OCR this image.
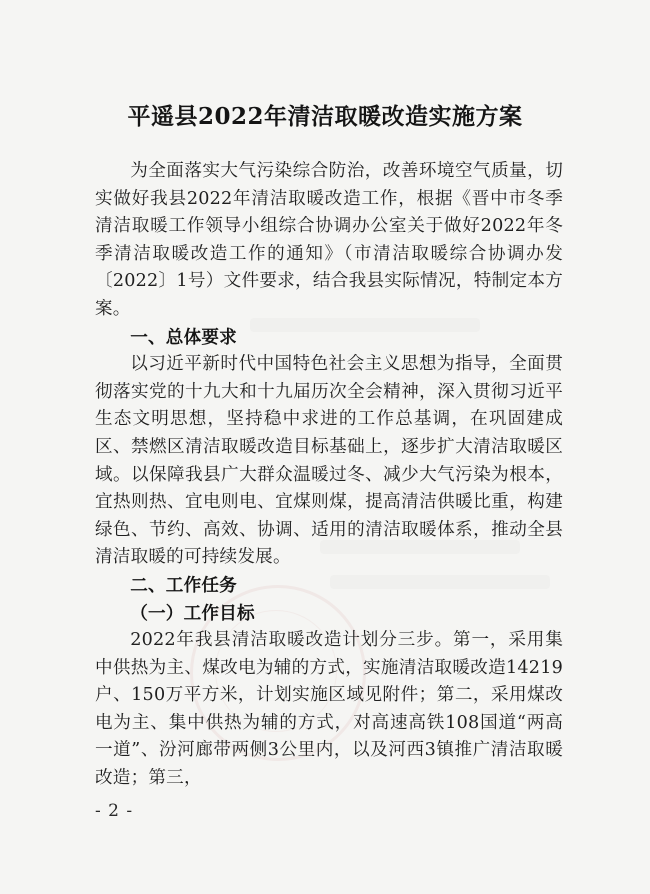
平遥县2022年清洁取暖改造实施方案

为全面落实大气污染综合防治，改善环境空气质量，切实做好我县2022年清洁取暖改造工作，根据《晋中市冬季清洁取暖工作领导小组综合协调办公室关于做好2022年冬季清洁取暖改造工作的通知》（市清洁取暖综合协调办发〔2022〕1号）文件要求，结合我县实际情况，特制定本方案。

一、总体要求

以习近平新时代中国特色社会主义思想为指导，全面贯彻落实党的十九大和十九届历次全会精神，深入贯彻习近平生态文明思想，坚持稳中求进的工作总基调，在巩固建成区、禁燃区清洁取暖改造目标基础上，逐步扩大清洁取暖区域。以保障我县广大群众温暖过冬、减少大气污染为根本，宜热则热、宜电则电、宜煤则煤，提高清洁供暖比重，构建绿色、节约、高效、协调、适用的清洁取暖体系，推动全县清洁取暖的可持续发展。

二、工作任务

（一）工作目标

2022年我县清洁取暖改造计划分三步。第一，采用集中供热为主、煤改电为辅的方式，实施清洁取暖改造14219户、150万平方米，计划实施区域见附件；第二，采用煤改电为主、集中供热为辅的方式，对高速高铁108国道“两高一道”、汾河廊带两侧3公里内，以及河西3镇推广清洁取暖改造；第三，

- 2 -
